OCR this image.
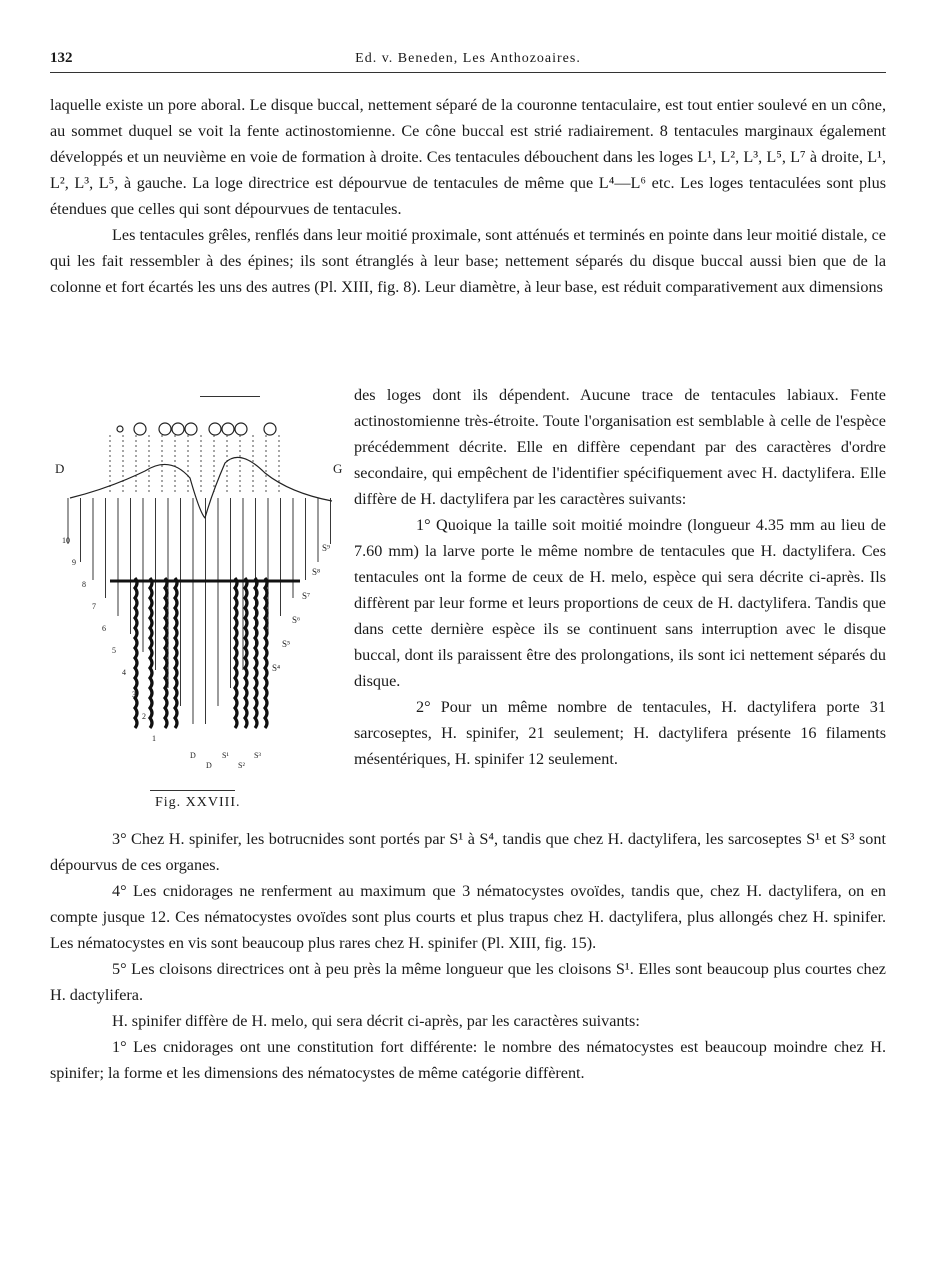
132	Ed. v. Beneden, Les Anthozoaires.

laquelle existe un pore aboral. Le disque buccal, nettement séparé de la couronne tentaculaire, est tout entier soulevé en un cône, au sommet duquel se voit la fente actinostomienne. Ce cône buccal est strié radiairement. 8 tentacules marginaux également développés et un neuvième en voie de formation à droite. Ces tentacules débouchent dans les loges L¹, L², L³, L⁵, L⁷ à droite, L¹, L², L³, L⁵, à gauche. La loge directrice est dépourvue de tentacules de même que L⁴—L⁶ etc. Les loges tentaculées sont plus étendues que celles qui sont dépourvues de tentacules.

Les tentacules grêles, renflés dans leur moitié proximale, sont atténués et terminés en pointe dans leur moitié distale, ce qui les fait ressembler à des épines; ils sont étranglés à leur base; nettement séparés du disque buccal aussi bien que de la colonne et fort écartés les uns des autres (Pl. XIII, fig. 8). Leur diamètre, à leur base, est réduit comparativement aux dimensions

D	G
10
9
8
7
6
5
4
3
2
1
S⁹
S⁸
S⁷
S⁶
S⁵
S⁴
D
D
S¹
S²
S³
Fig. XXVIII.

des loges dont ils dépendent. Aucune trace de tentacules labiaux. Fente actinostomienne très-étroite. Toute l'organisation est semblable à celle de l'espèce précédemment décrite. Elle en diffère cependant par des caractères d'ordre secondaire, qui empêchent de l'identifier spécifiquement avec H. dactylifera. Elle diffère de H. dactylifera par les caractères suivants:

1° Quoique la taille soit moitié moindre (longueur 4.35 mm au lieu de 7.60 mm) la larve porte le même nombre de tentacules que H. dactylifera. Ces tentacules ont la forme de ceux de H. melo, espèce qui sera décrite ci-après. Ils diffèrent par leur forme et leurs proportions de ceux de H. dactylifera. Tandis que dans cette dernière espèce ils se continuent sans interruption avec le disque buccal, dont ils paraissent être des prolongations, ils sont ici nettement séparés du disque.

2° Pour un même nombre de tentacules, H. dactylifera porte 31 sarcoseptes, H. spinifer, 21 seulement; H. dactylifera présente 16 filaments mésentériques, H. spinifer 12 seulement.

3° Chez H. spinifer, les botrucnides sont portés par S¹ à S⁴, tandis que chez H. dactylifera, les sarcoseptes S¹ et S³ sont dépourvus de ces organes.

4° Les cnidorages ne renferment au maximum que 3 nématocystes ovoïdes, tandis que, chez H. dactylifera, on en compte jusque 12. Ces nématocystes ovoïdes sont plus courts et plus trapus chez H. dactylifera, plus allongés chez H. spinifer. Les nématocystes en vis sont beaucoup plus rares chez H. spinifer (Pl. XIII, fig. 15).

5° Les cloisons directrices ont à peu près la même longueur que les cloisons S¹. Elles sont beaucoup plus courtes chez H. dactylifera.

H. spinifer diffère de H. melo, qui sera décrit ci-après, par les caractères suivants:

1° Les cnidorages ont une constitution fort différente: le nombre des nématocystes est beaucoup moindre chez H. spinifer; la forme et les dimensions des nématocystes de même catégorie diffèrent.
